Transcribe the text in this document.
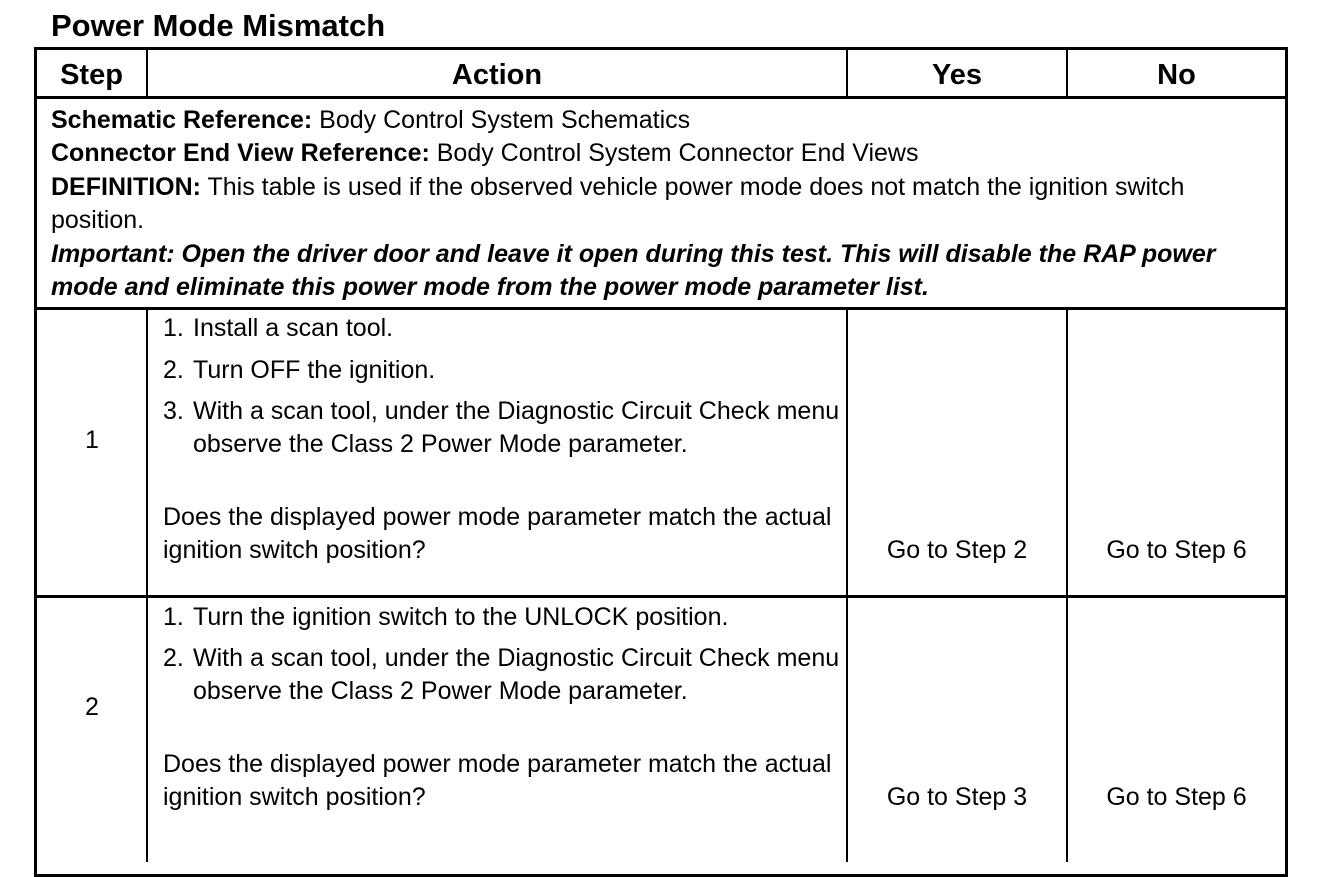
Power Mode Mismatch
Step	Action	Yes	No
Schematic Reference: Body Control System Schematics
Connector End View Reference: Body Control System Connector End Views
DEFINITION: This table is used if the observed vehicle power mode does not match the ignition switch position.
Important: Open the driver door and leave it open during this test. This will disable the RAP power mode and eliminate this power mode from the power mode parameter list.
1
1. Install a scan tool.
2. Turn OFF the ignition.
3. With a scan tool, under the Diagnostic Circuit Check menu observe the Class 2 Power Mode parameter.
Does the displayed power mode parameter match the actual ignition switch position?	Go to Step 2	Go to Step 6
2
1. Turn the ignition switch to the UNLOCK position.
2. With a scan tool, under the Diagnostic Circuit Check menu observe the Class 2 Power Mode parameter.
Does the displayed power mode parameter match the actual ignition switch position?	Go to Step 3	Go to Step 6
